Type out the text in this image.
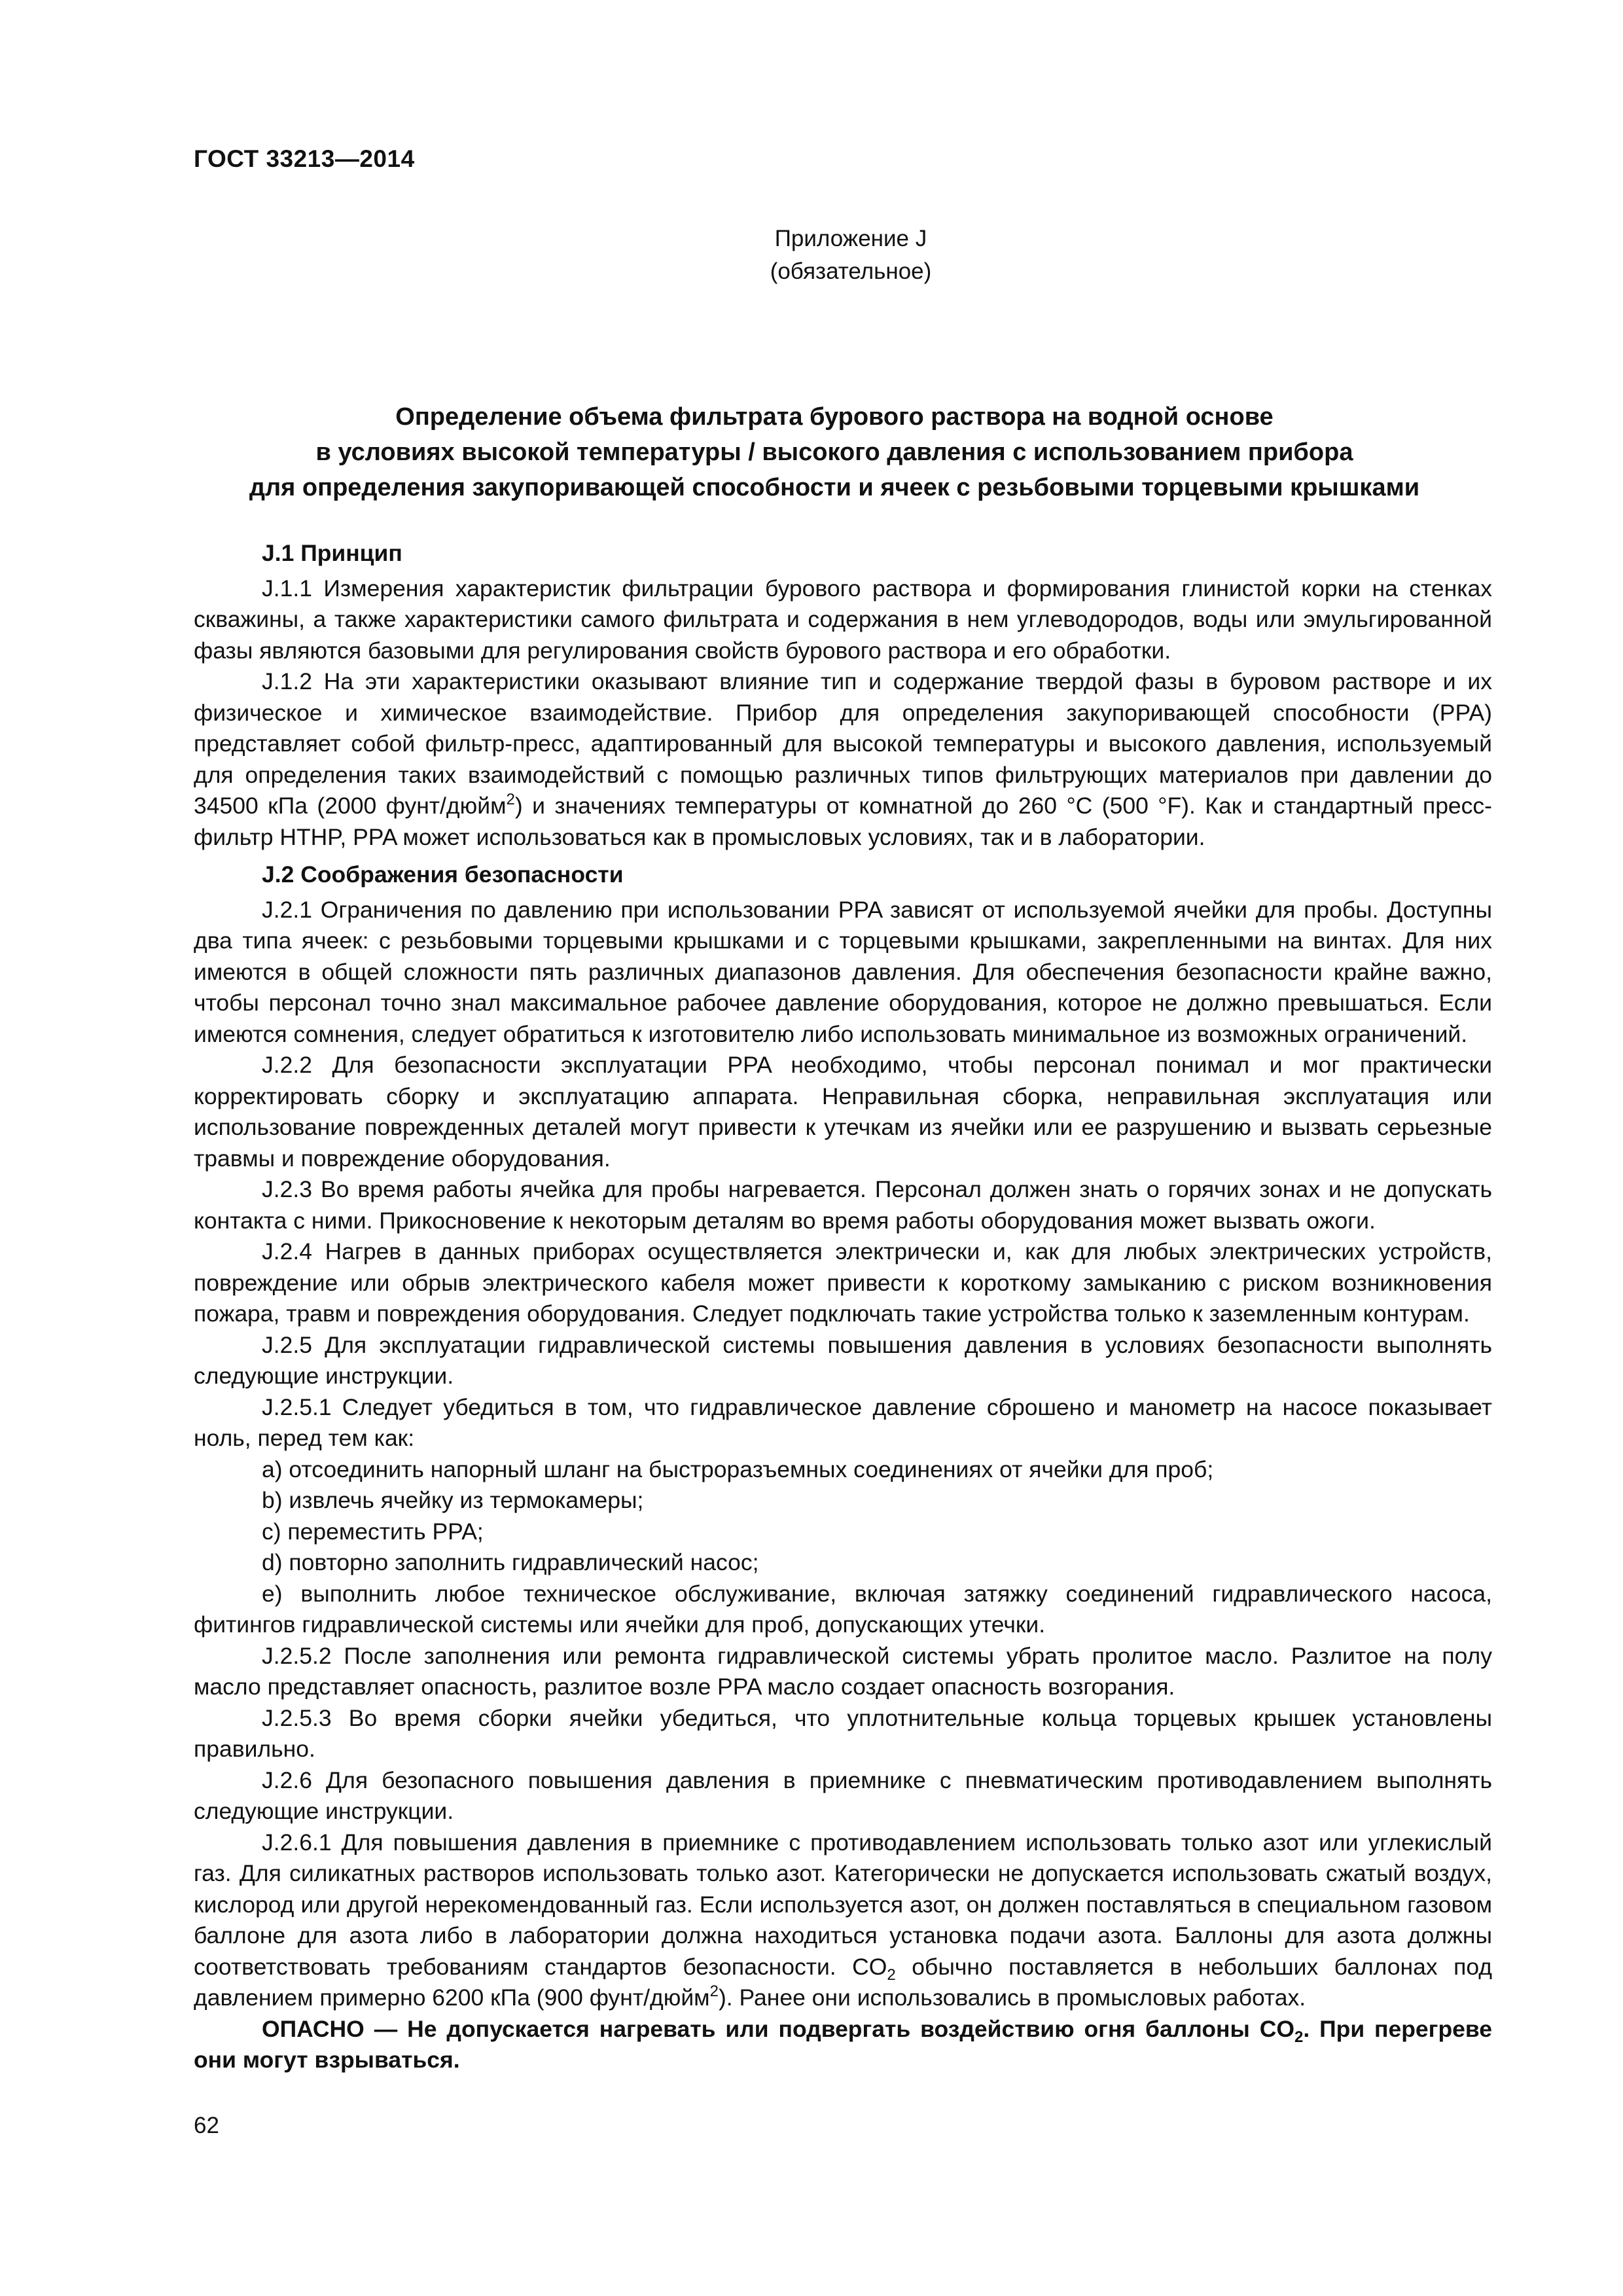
ГОСТ 33213—2014
Приложение J
(обязательное)
Определение объема фильтрата бурового раствора на водной основе
в условиях высокой температуры / высокого давления с использованием прибора
для определения закупоривающей способности и ячеек с резьбовыми торцевыми крышками
J.1 Принцип

J.1.1 Измерения характеристик фильтрации бурового раствора и формирования глинистой корки на стенках скважины, а также характеристики самого фильтрата и содержания в нем углеводородов, воды или эмульгированной фазы являются базовыми для регулирования свойств бурового раствора и его обработки.

J.1.2 На эти характеристики оказывают влияние тип и содержание твердой фазы в буровом растворе и их физическое и химическое взаимодействие. Прибор для определения закупоривающей способности (PPA) представляет собой фильтр-пресс, адаптированный для высокой температуры и высокого давления, используемый для определения таких взаимодействий с помощью различных типов фильтрующих материалов при давлении до 34500 кПа (2000 фунт/дюйм$^2$) и значениях температуры от комнатной до 260 °С (500 °F). Как и стандартный пресс-фильтр HTHP, PPA может использоваться как в промысловых условиях, так и в лаборатории.

J.2 Соображения безопасности

J.2.1 Ограничения по давлению при использовании PPA зависят от используемой ячейки для пробы. Доступны два типа ячеек: с резьбовыми торцевыми крышками и с торцевыми крышками, закрепленными на винтах. Для них имеются в общей сложности пять различных диапазонов давления. Для обеспечения безопасности крайне важно, чтобы персонал точно знал максимальное рабочее давление оборудования, которое не должно превышаться. Если имеются сомнения, следует обратиться к изготовителю либо использовать минимальное из возможных ограничений.

J.2.2 Для безопасности эксплуатации PPA необходимо, чтобы персонал понимал и мог практически корректировать сборку и эксплуатацию аппарата. Неправильная сборка, неправильная эксплуатация или использование поврежденных деталей могут привести к утечкам из ячейки или ее разрушению и вызвать серьезные травмы и повреждение оборудования.

J.2.3 Во время работы ячейка для пробы нагревается. Персонал должен знать о горячих зонах и не допускать контакта с ними. Прикосновение к некоторым деталям во время работы оборудования может вызвать ожоги.

J.2.4 Нагрев в данных приборах осуществляется электрически и, как для любых электрических устройств, повреждение или обрыв электрического кабеля может привести к короткому замыканию с риском возникновения пожара, травм и повреждения оборудования. Следует подключать такие устройства только к заземленным контурам.

J.2.5 Для эксплуатации гидравлической системы повышения давления в условиях безопасности выполнять следующие инструкции.

J.2.5.1 Следует убедиться в том, что гидравлическое давление сброшено и манометр на насосе показывает ноль, перед тем как:

a) отсоединить напорный шланг на быстроразъемных соединениях от ячейки для проб;

b) извлечь ячейку из термокамеры;

c) переместить PPA;

d) повторно заполнить гидравлический насос;

e) выполнить любое техническое обслуживание, включая затяжку соединений гидравлического насоса, фитингов гидравлической системы или ячейки для проб, допускающих утечки.

J.2.5.2 После заполнения или ремонта гидравлической системы убрать пролитое масло. Разлитое на полу масло представляет опасность, разлитое возле PPA масло создает опасность возгорания.

J.2.5.3 Во время сборки ячейки убедиться, что уплотнительные кольца торцевых крышек установлены правильно.

J.2.6 Для безопасного повышения давления в приемнике с пневматическим противодавлением выполнять следующие инструкции.

J.2.6.1 Для повышения давления в приемнике с противодавлением использовать только азот или углекислый газ. Для силикатных растворов использовать только азот. Категорически не допускается использовать сжатый воздух, кислород или другой нерекомендованный газ. Если используется азот, он должен поставляться в специальном газовом баллоне для азота либо в лаборатории должна находиться установка подачи азота. Баллоны для азота должны соответствовать требованиям стандартов безопасности. $CO_2$ обычно поставляется в небольших баллонах под давлением примерно 6200 кПа (900 фунт/дюйм$^2$). Ранее они использовались в промысловых работах.

ОПАСНО — Не допускается нагревать или подвергать воздействию огня баллоны $CO_2$. При перегреве они могут взрываться.

62
